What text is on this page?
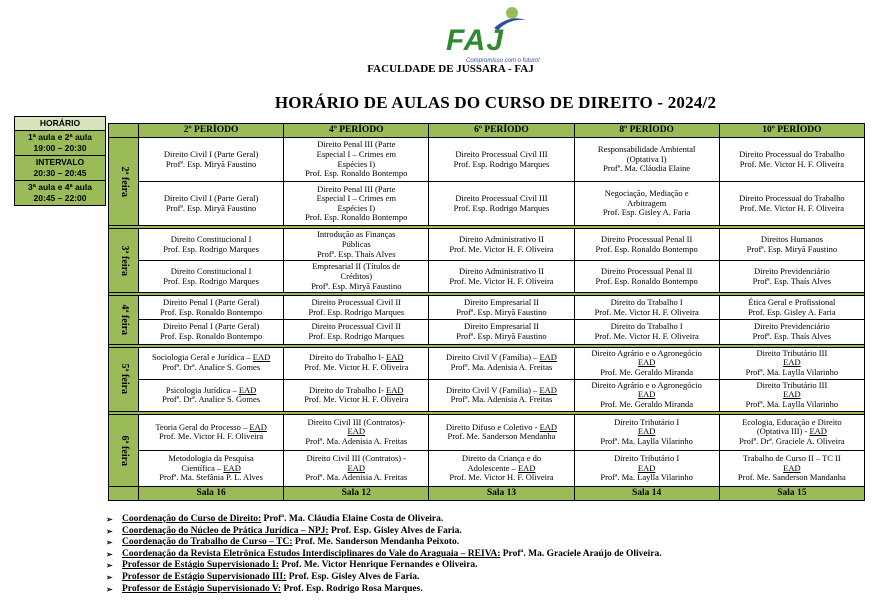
FAJ
Compromisso com o futuro!
FACULDADE DE JUSSARA - FAJ
HORÁRIO DE AULAS DO CURSO DE DIREITO - 2024/2
HORÁRIO

1ª aula e 2ª aula
19:00 – 20:30

INTERVALO
20:30 – 20:45

3ª aula e 4ª aula
20:45 – 22:00
	2º PERÍODO	4º PERÍODO	6º PERÍODO	8º PERÍODO	10º PERÍODO
2ª feira	Direito Civil I (Parte Geral)
Profª. Esp. Miryã Faustino	Direito Penal III (Parte
Especial I – Crimes em
Espécies I)
Prof. Esp. Ronaldo Bontempo	Direito Processual Civil III
Prof. Esp. Rodrigo Marques	Responsabilidade Ambiental
(Optativa I)
Profª. Ma. Cláudia Elaine	Direito Processual do Trabalho
Prof. Me. Victor H. F. Oliveira

	Direito Civil I (Parte Geral)
Profª. Esp. Miryã Faustino	Direito Penal III (Parte
Especial I – Crimes em
Espécies I)
Prof. Esp. Ronaldo Bontempo	Direito Processual Civil III
Prof. Esp. Rodrigo Marques	Negociação, Mediação e
Arbitragem
Prof. Esp. Gisley A. Faria	Direito Processual do Trabalho
Prof. Me. Victor H. F. Oliveira

3ª feira	Direito Constitucional I
Prof. Esp. Rodrigo Marques	Introdução as Finanças
Públicas
Profª. Esp. Thaís Alves	Direito Administrativo II
Prof. Me. Victor H. F. Oliveira	Direito Processual Penal II
Prof. Esp. Ronaldo Bontempo	Direitos Humanos
Profª. Esp. Miryã Faustino

	Direito Constitucional I
Prof. Esp. Rodrigo Marques	Empresarial II (Títulos de
Créditos)
Profª. Esp. Miryã Faustino	Direito Administrativo II
Prof. Me. Victor H. F. Oliveira	Direito Processual Penal II
Prof. Esp. Ronaldo Bontempo	Direito Previdenciário
Profª. Esp. Thaís Alves

4ª feira	Direito Penal I (Parte Geral)
Prof. Esp. Ronaldo Bontempo	Direito Processual Civil II
Prof. Esp. Rodrigo Marques	Direito Empresarial II
Profª. Esp. Miryã Faustino	Direito do Trabalho I
Prof. Me. Victor H. F. Oliveira	Ética Geral e Profissional
Prof. Esp. Gisley A. Faria

	Direito Penal I (Parte Geral)
Prof. Esp. Ronaldo Bontempo	Direito Processual Civil II
Prof. Esp. Rodrigo Marques	Direito Empresarial II
Profª. Esp. Miryã Faustino	Direito do Trabalho I
Prof. Me. Victor H. F. Oliveira	Direito Previdenciário
Profª. Esp. Thaís Alves

5ª feira	Sociologia Geral e Jurídica – EAD
Profª. Drª. Analice S. Gomes	Direito do Trabalho I- EAD
Prof. Me. Victor H. F. Oliveira	Direito Civil V (Família) – EAD
Profª. Ma. Adenisia A. Freitas	Direito Agrário e o Agronegócio
EAD
Prof. Me. Geraldo Miranda	Direito Tributário III
EAD
Profª. Ma. Laylla Vilarinho

	Psicologia Jurídica – EAD
Profª. Drª. Analice S. Gomes	Direito do Trabalho I- EAD
Prof. Me. Victor H. F. Oliveira	Direito Civil V (Família) – EAD
Profª. Ma. Adenisia A. Freitas	Direito Agrário e o Agronegócio
EAD
Prof. Me. Geraldo Miranda	Direito Tributário III
EAD
Profª. Ma. Laylla Vilarinho

6ª feira	Teoria Geral do Processo – EAD
Prof. Me. Victor H. F. Oliveira	Direito Civil III (Contratos)-
EAD
Profª. Ma. Adenisia A. Freitas	Direito Difuso e Coletivo - EAD
Prof. Me. Sanderson Mendanha	Direito Tributário I
EAD
Profª. Ma. Laylla Vilarinho	Ecologia, Educação e Direito
(Optativa III) - EAD
Profª. Drª. Graciele A. Oliveira

	Metodologia da Pesquisa
Científica – EAD
Profª. Ma. Stefânia P. L. Alves	Direito Civil III (Contratos) -
EAD
Profª. Ma. Adenisia A. Freitas	Direito da Criança e do
Adolescente – EAD
Prof. Me. Victor H. F. Oliveira	Direito Tributário I
EAD
Profª. Ma. Laylla Vilarinho	Trabalho de Curso II – TC II
EAD
Prof. Me. Sanderson Mandanha

	Sala 16	Sala 12	Sala 13	Sala 14	Sala 15
➢ Coordenação do Curso de Direito: Profª. Ma. Cláudia Elaine Costa de Oliveira.
➢ Coordenação do Núcleo de Prática Jurídica – NPJ: Prof. Esp. Gisley Alves de Faria.
➢ Coordenação do Trabalho de Curso – TC: Prof. Me. Sanderson Mendanha Peixoto.
➢ Coordenação da Revista Eletrônica Estudos Interdisciplinares do Vale do Araguaia – REIVA: Profª. Ma. Graciele Araújo de Oliveira.
➢ Professor de Estágio Supervisionado I: Prof. Me. Victor Henrique Fernandes e Oliveira.
➢ Professor de Estágio Supervisionado III: Prof. Esp. Gisley Alves de Faria.
➢ Professor de Estágio Supervisionado V: Prof. Esp. Rodrigo Rosa Marques.
